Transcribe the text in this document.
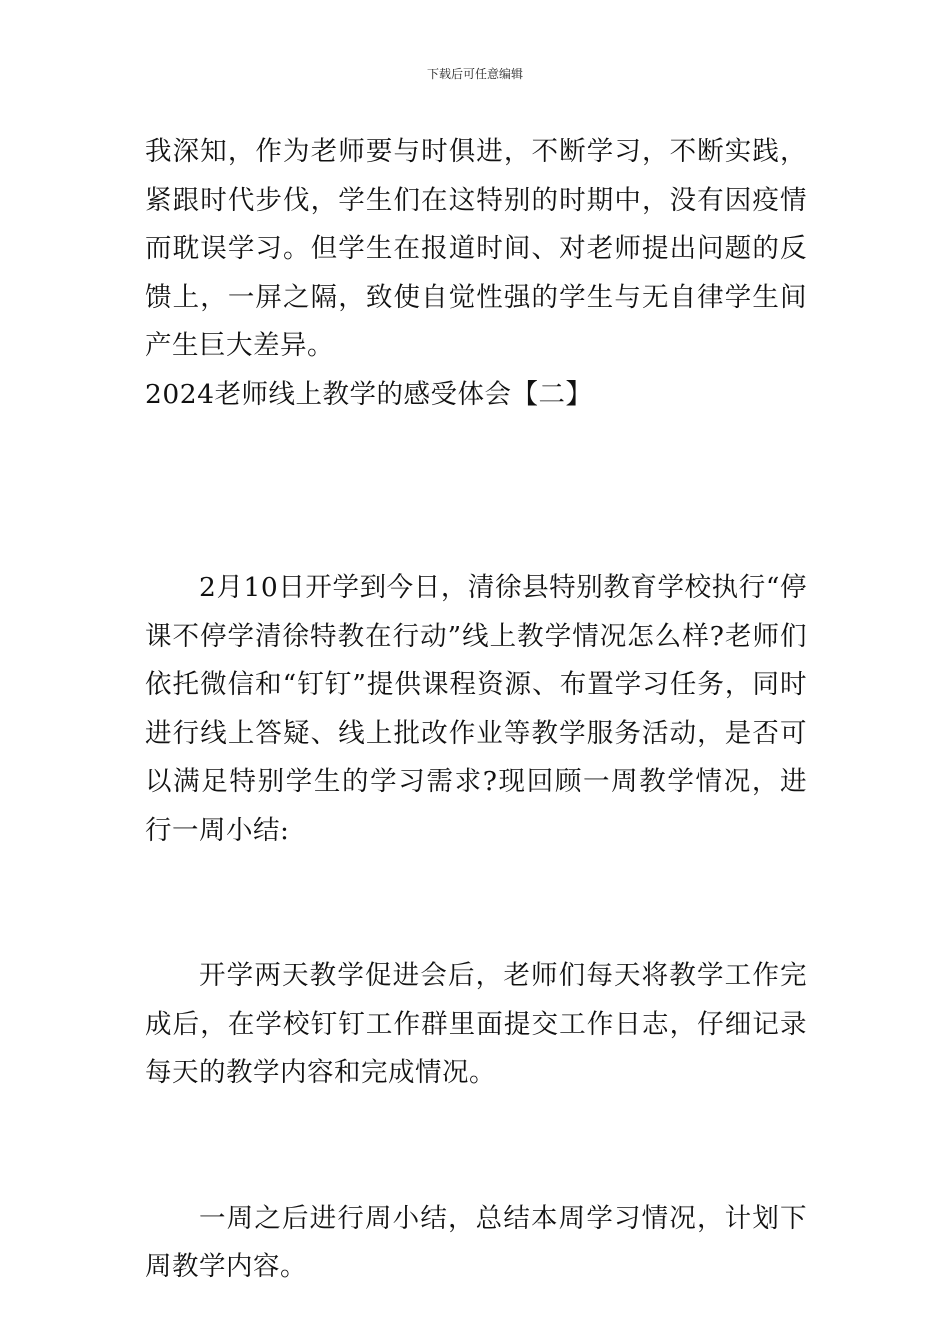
下载后可任意编辑

我深知，作为老师要与时俱进，不断学习，不断实践，紧跟时代步伐，学生们在这特别的时期中，没有因疫情而耽误学习。但学生在报道时间、对老师提出问题的反馈上，一屏之隔，致使自觉性强的学生与无自律学生间产生巨大差异。

2024老师线上教学的感受体会【二】

2月10日开学到今日，清徐县特别教育学校执行“停课不停学清徐特教在行动”线上教学情况怎么样?老师们依托微信和“钉钉”提供课程资源、布置学习任务，同时进行线上答疑、线上批改作业等教学服务活动，是否可以满足特别学生的学习需求?现回顾一周教学情况，进行一周小结:

开学两天教学促进会后，老师们每天将教学工作完成后，在学校钉钉工作群里面提交工作日志，仔细记录每天的教学内容和完成情况。

一周之后进行周小结，总结本周学习情况，计划下周教学内容。
